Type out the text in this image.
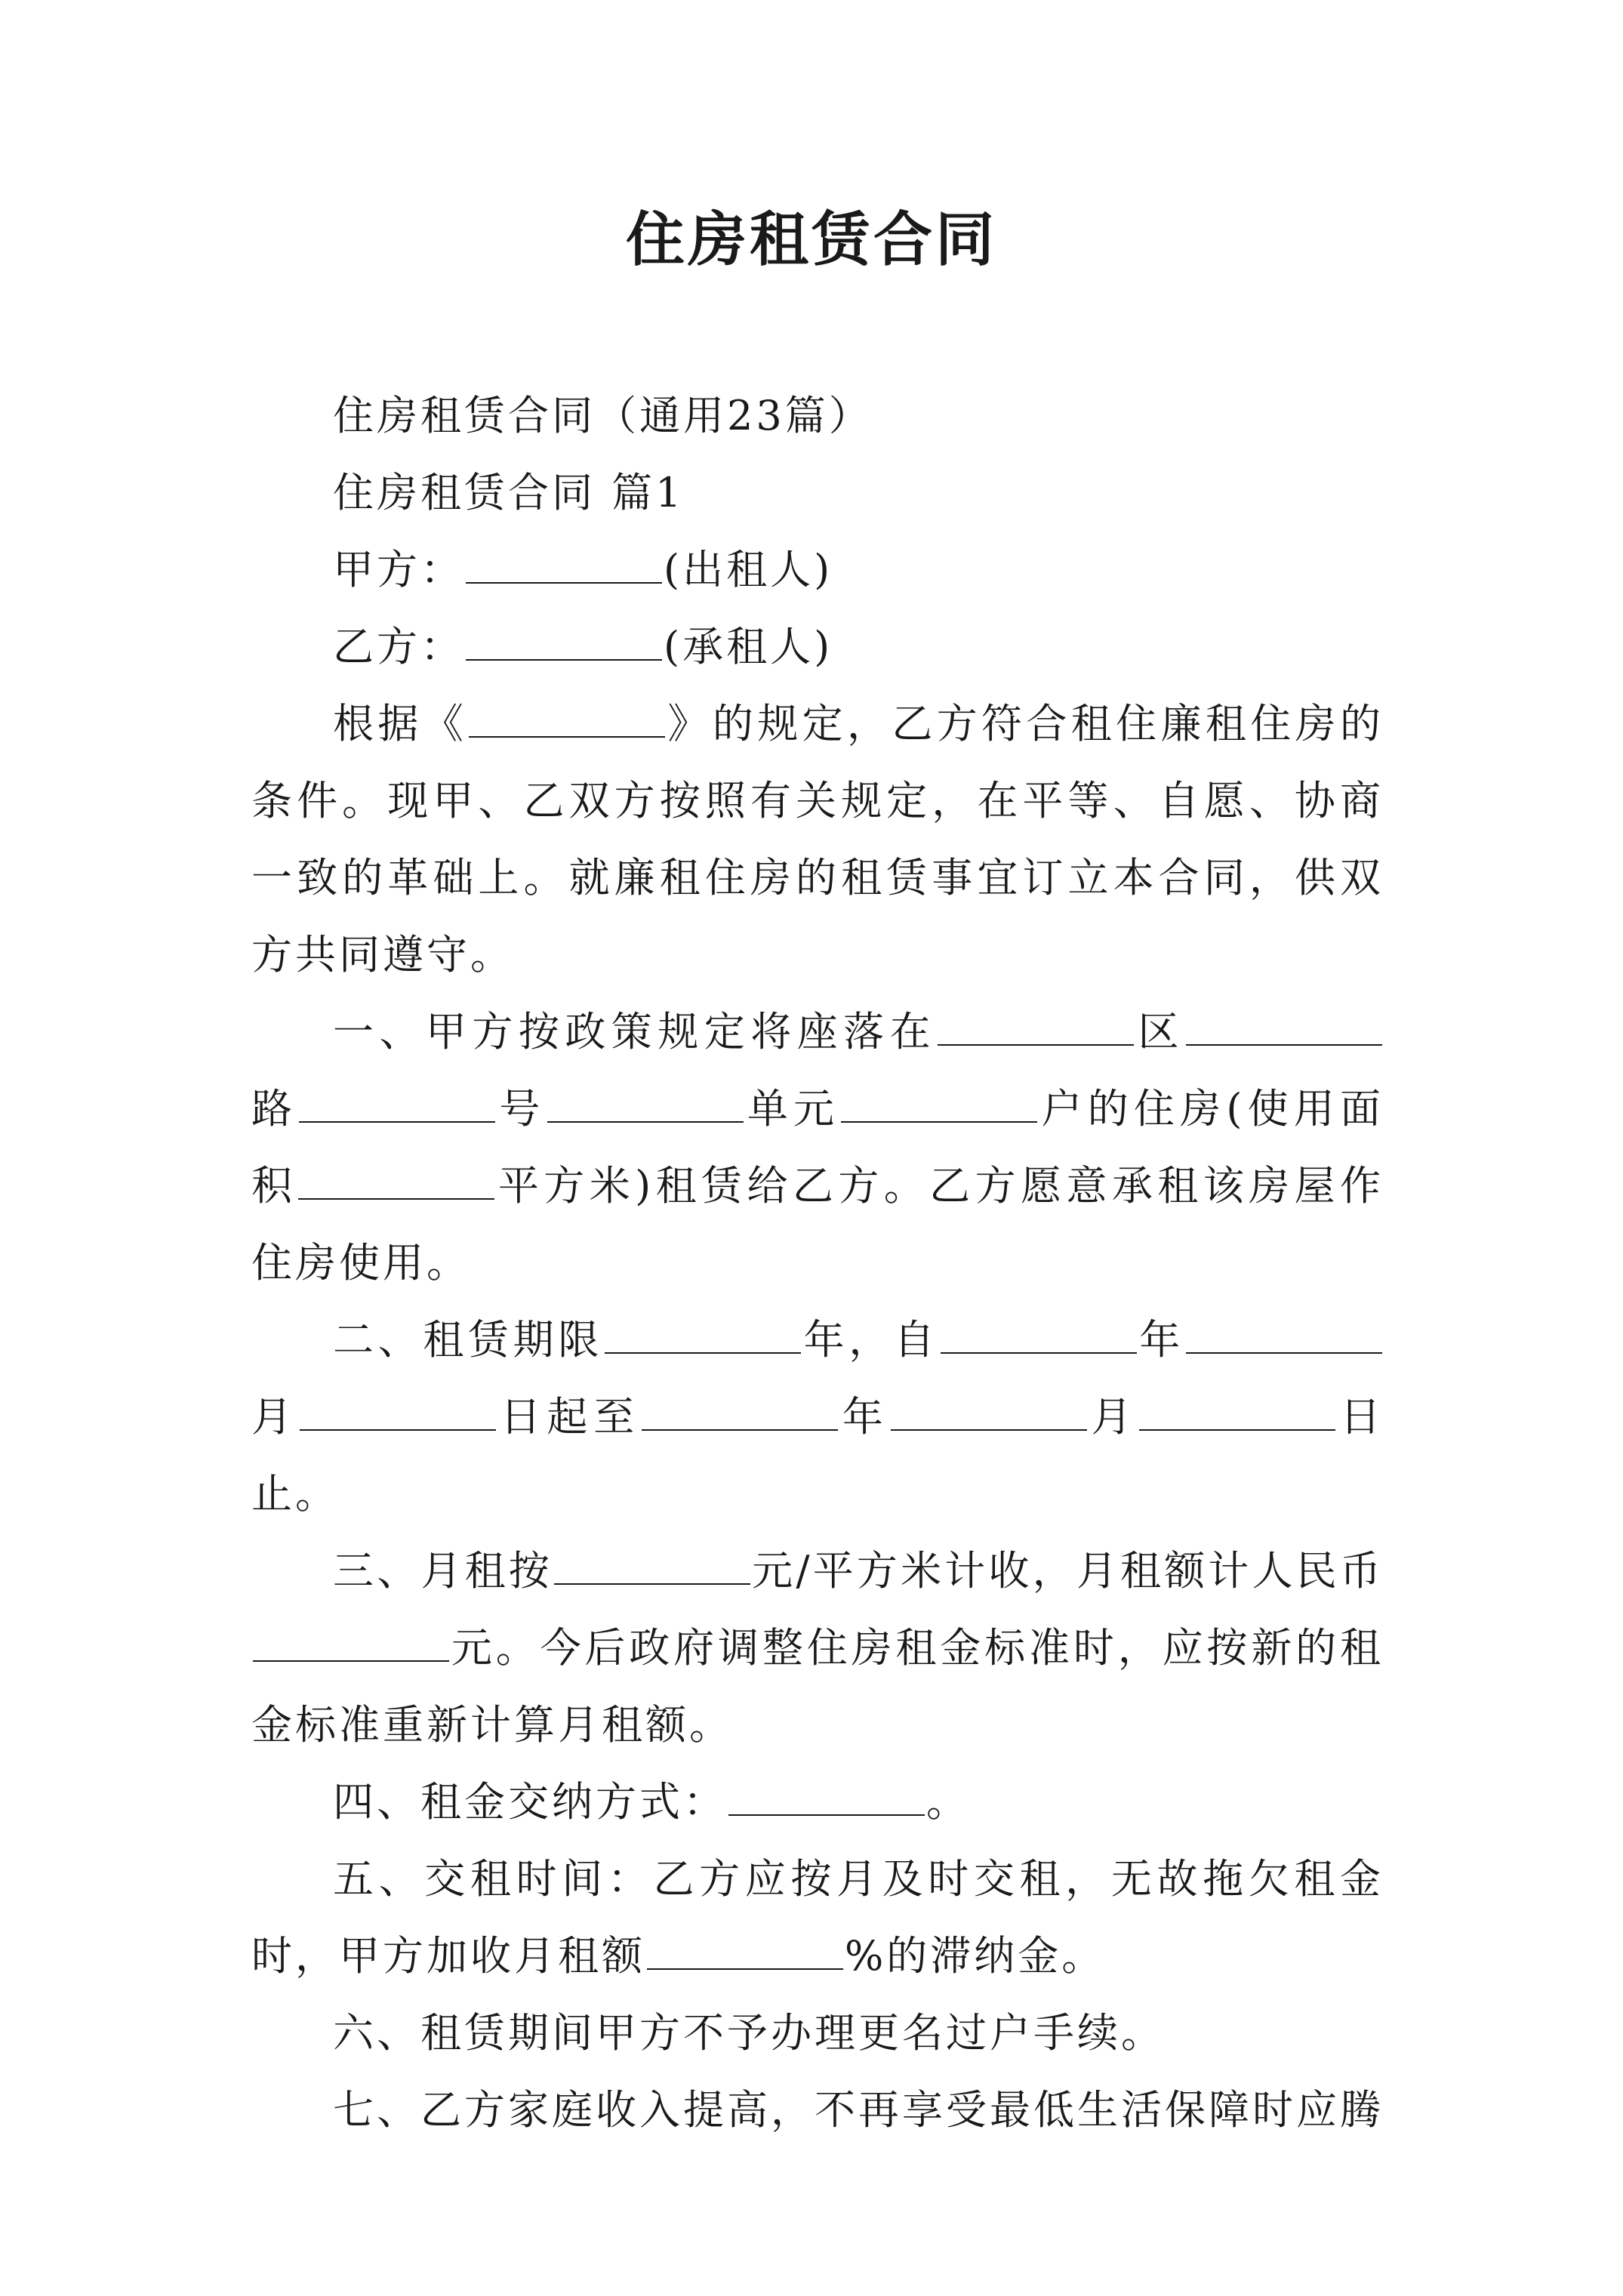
住房租赁合同

住房租赁合同（通用23篇）

住房租赁合同 篇1

甲方：	(出租人)

乙方：	(承租人)

根据《	》的规定，乙方符合租住廉租住房的条件。现甲、乙双方按照有关规定，在平等、自愿、协商一致的革础上。就廉租住房的租赁事宜订立本合同，供双方共同遵守。

一、甲方按政策规定将座落在	区路	号	单元	户的住房(使用面积	平方米)租赁给乙方。乙方愿意承租该房屋作住房使用。

二、租赁期限	年，自	年月	日起至	年	月	日止。

三、月租按	元/平方米计收，月租额计人民币元。今后政府调整住房租金标准时，应按新的租金标准重新计算月租额。

四、租金交纳方式：	。

五、交租时间：乙方应按月及时交租，无故拖欠租金时，甲方加收月租额	%的滞纳金。

六、租赁期间甲方不予办理更名过户手续。

七、乙方家庭收入提高，不再享受最低生活保障时应腾
